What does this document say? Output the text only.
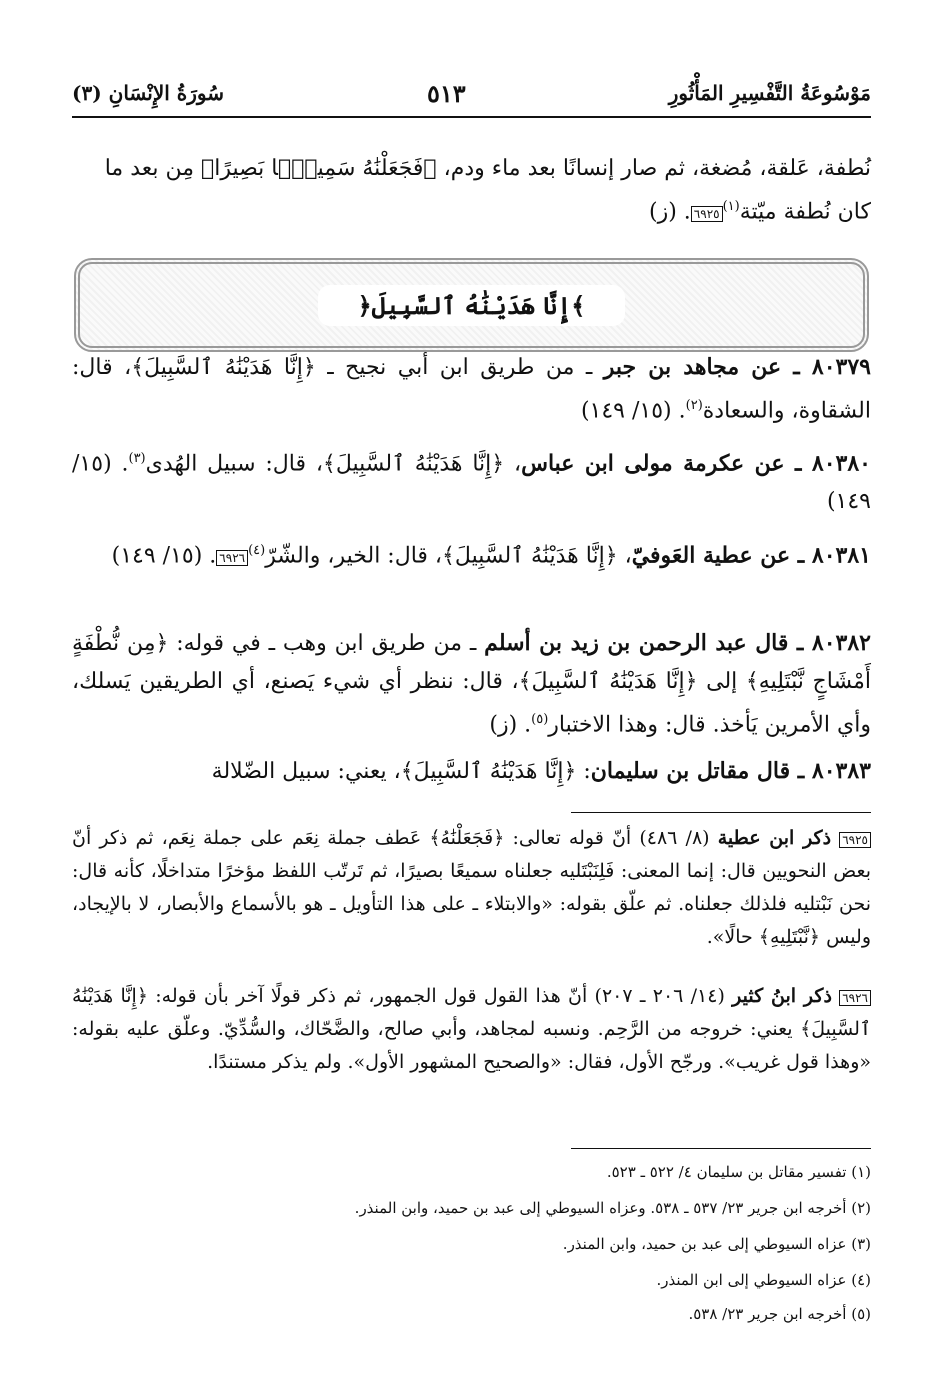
سُورَةُ الإِنْسَانِ (٣)	٥١٣	مَوْسُوعَةُ التَّفْسِيرِ المَأْثُورِ
نُطفة، عَلقة، مُضغة، ثم صار إنسانًا بعد ماء ودم، ﴿فَجَعَلْنَٰهُ سَمِيعًۢا بَصِيرًا﴾ مِن بعد ما
كان نُطفة ميّتة$^{(١)}$٦٩٢٥. (ز)
﴿إِنَّا هَدَيْنَٰهُ ٱلسَّبِيلَ﴾
٨٠٣٧٩ ـ عن مجاهد بن جبر ـ من طريق ابن أبي نجيح ـ ﴿إِنَّا هَدَيْنَٰهُ ٱلسَّبِيلَ﴾، قال: الشقاوة، والسعادة$^{(٢)}$. (١٥/ ١٤٩)
٨٠٣٨٠ ـ عن عكرمة مولى ابن عباس، ﴿إِنَّا هَدَيْنَٰهُ ٱلسَّبِيلَ﴾، قال: سبيل الهُدى$^{(٣)}$. (١٥/ ١٤٩)
٨٠٣٨١ ـ عن عطية العَوفيّ، ﴿إِنَّا هَدَيْنَٰهُ ٱلسَّبِيلَ﴾، قال: الخير، والشّرّ$^{(٤)}$٦٩٢٦. (١٥/ ١٤٩)
٨٠٣٨٢ ـ قال عبد الرحمن بن زيد بن أسلم ـ من طريق ابن وهب ـ في قوله: ﴿مِن نُّطْفَةٍ أَمْشَاجٍ نَّبْتَلِيهِ﴾ إلى ﴿إِنَّا هَدَيْنَٰهُ ٱلسَّبِيلَ﴾، قال: ننظر أي شيء يَصنع، أي الطريقين يَسلك، وأي الأمرين يَأخذ. قال: وهذا الاختبار$^{(٥)}$. (ز)
٨٠٣٨٣ ـ قال مقاتل بن سليمان: ﴿إِنَّا هَدَيْنَٰهُ ٱلسَّبِيلَ﴾، يعني: سبيل الضّلالة
٦٩٢٥ ذكر ابن عطية (٨/ ٤٨٦) أنّ قوله تعالى: ﴿فَجَعَلْنَٰهُ﴾ عَطف جملة نِعَم على جملة نِعَم، ثم ذكر أنّ بعض النحويين قال: إنما المعنى: فَلِنَبْتَليه جعلناه سميعًا بصيرًا، ثم تَرتّب اللفظ مؤخرًا متداخلًا، كأنه قال: نحن نَبْتليه فلذلك جعلناه. ثم علّق بقوله: «والابتلاء ـ على هذا التأويل ـ هو بالأسماع والأبصار، لا بالإيجاد، وليس ﴿نَّبْتَلِيهِ﴾ حالًا».
٦٩٢٦ ذكر ابنُ كثير (١٤/ ٢٠٦ ـ ٢٠٧) أنّ هذا القول قول الجمهور، ثم ذكر قولًا آخر بأن قوله: ﴿إِنَّا هَدَيْنَٰهُ ٱلسَّبِيلَ﴾ يعني: خروجه من الرَّحِم. ونسبه لمجاهد، وأبي صالح، والضَّحّاك، والسُّدِّيّ. وعلّق عليه بقوله: «وهذا قول غريب». ورجّح الأول، فقال: «والصحيح المشهور الأول». ولم يذكر مستندًا.
(١) تفسير مقاتل بن سليمان ٤/ ٥٢٢ ـ ٥٢٣.
(٢) أخرجه ابن جرير ٢٣/ ٥٣٧ ـ ٥٣٨. وعزاه السيوطي إلى عبد بن حميد، وابن المنذر.
(٣) عزاه السيوطي إلى عبد بن حميد، وابن المنذر.
(٤) عزاه السيوطي إلى ابن المنذر.
(٥) أخرجه ابن جرير ٢٣/ ٥٣٨.
